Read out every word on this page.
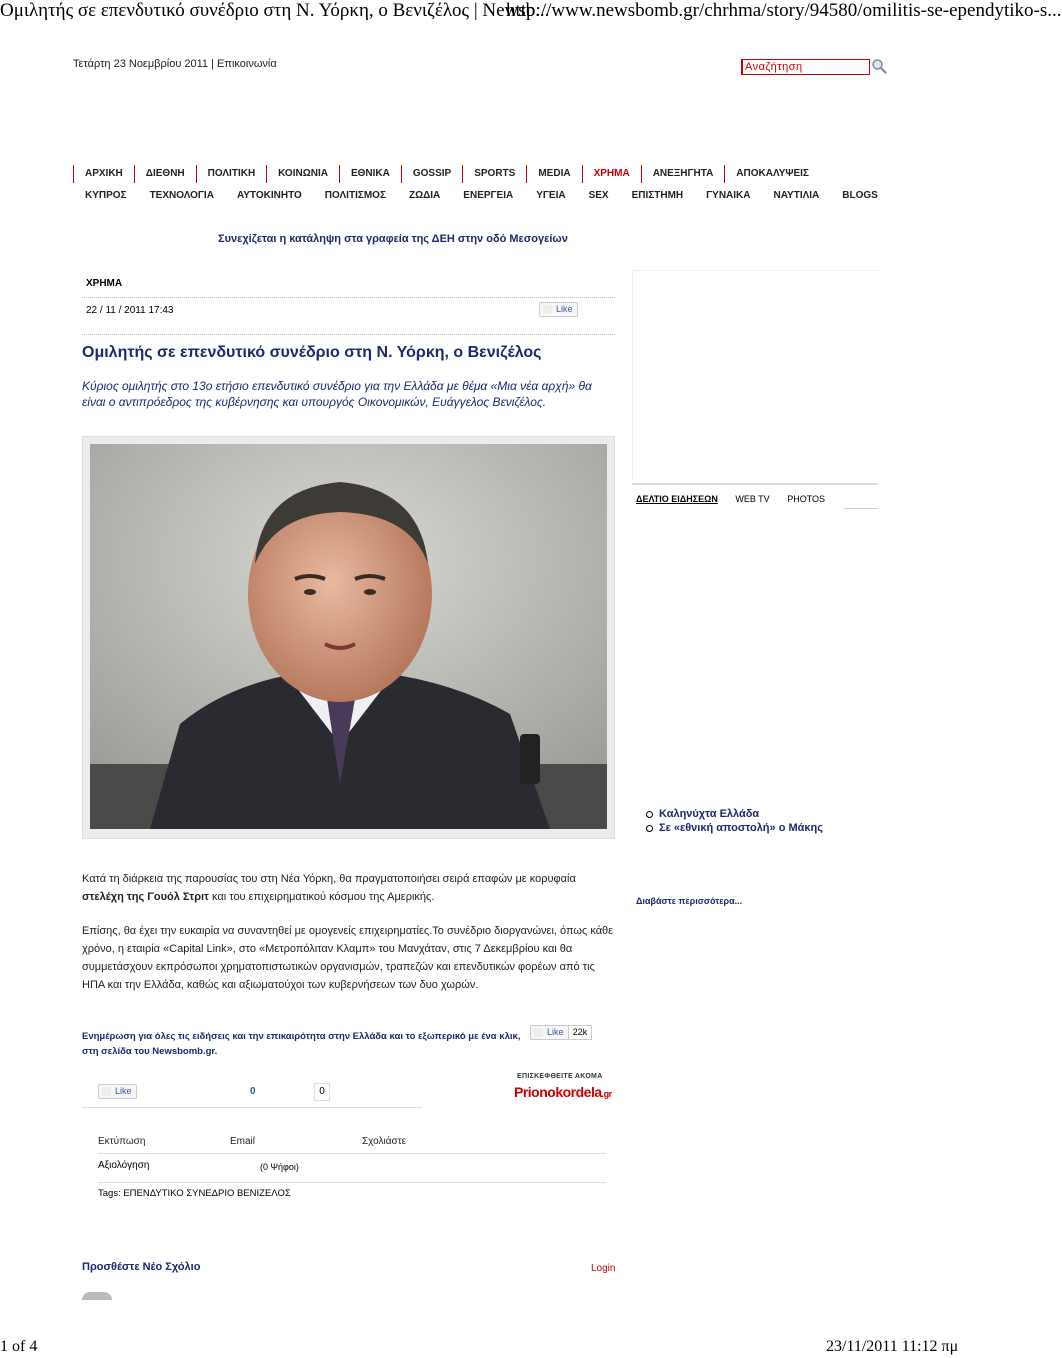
Ομιλητής σε επενδυτικό συνέδριο στη Ν. Υόρκη, ο Βενιζέλος | Newsb...
http://www.newsbomb.gr/chrhma/story/94580/omilitis-se-ependytiko-s...
Τετάρτη 23 Νοεμβρίου 2011 | Επικοινωνία	Αναζήτηση
ΑΡΧΙΚΗ ΔΙΕΘΝΗ ΠΟΛΙΤΙΚΗ ΚΟΙΝΩΝΙΑ ΕΘΝΙΚΑ GOSSIP SPORTS MEDIA ΧΡΗΜΑ ΑΝΕΞΗΓΗΤΑ ΑΠΟΚΑΛΥΨΕΙΣ
ΚΥΠΡΟΣ ΤΕΧΝΟΛΟΓΙΑ ΑΥΤΟΚΙΝΗΤΟ ΠΟΛΙΤΙΣΜΟΣ ΖΩΔΙΑ ΕΝΕΡΓΕΙΑ ΥΓΕΙΑ SEX ΕΠΙΣΤΗΜΗ ΓΥΝΑΙΚΑ ΝΑΥΤΙΛΙΑ BLOGS
Συνεχίζεται η κατάληψη στα γραφεία της ΔΕΗ στην οδό Μεσογείων
ΧΡΗΜΑ
22 / 11 / 2011 17:43	Like
Ομιλητής σε επενδυτικό συνέδριο στη Ν. Υόρκη, ο Βενιζέλος
Κύριος ομιλητής στο 13ο ετήσιο επενδυτικό συνέδριο για την Ελλάδα με θέμα «Μια νέα αρχή» θα είναι ο αντιπρόεδρος της κυβέρνησης και υπουργός Οικονομικών, Ευάγγελος Βενιζέλος.
ΔΕΛΤΙΟ ΕΙΔΗΣΕΩΝ WEB TV PHOTOS
Καληνύχτα Ελλάδα
Σε «εθνική αποστολή» ο Μάκης
Διαβάστε περισσότερα...

Κατά τη διάρκεια της παρουσίας του στη Νέα Υόρκη, θα πραγματοποιήσει σειρά επαφών με κορυφαία στελέχη της Γουόλ Στριτ και του επιχειρηματικού κόσμου της Αμερικής.

Επίσης, θα έχει την ευκαιρία να συναντηθεί με ομογενείς επιχειρηματίες.Το συνέδριο διοργανώνει, όπως κάθε χρόνο, η εταιρία «Capital Link», στο «Μετροπόλιταν Κλαμπ» του Μανχάταν, στις 7 Δεκεμβρίου και θα συμμετάσχουν εκπρόσωποι χρηματοπιστωτικών οργανισμών, τραπεζών και επενδυτικών φορέων από τις ΗΠΑ και την Ελλάδα, καθώς και αξιωματούχοι των κυβερνήσεων των δυο χωρών.

Ενημέρωση για όλες τις ειδήσεις και την επικαιρότητα στην Ελλάδα και το εξωπερικό με ένα κλικ, στη σελίδα του Newsbomb.gr.
Like	22k
Like	0	0
ΕΠΙΣΚΕΦΘΕΙΤΕ ΑΚΟΜΑ
Prionokordela.gr
Εκτύπωση	Email	Σχολιάστε
Αξιολόγηση	(0 Ψήφοι)
Tags: ΕΠΕΝΔΥΤΙΚΟ ΣΥΝΕΔΡΙΟ ΒΕΝΙΖΕΛΟΣ
Προσθέστε Νέο Σχόλιο	Login
1 of 4	23/11/2011 11:12 πμ
